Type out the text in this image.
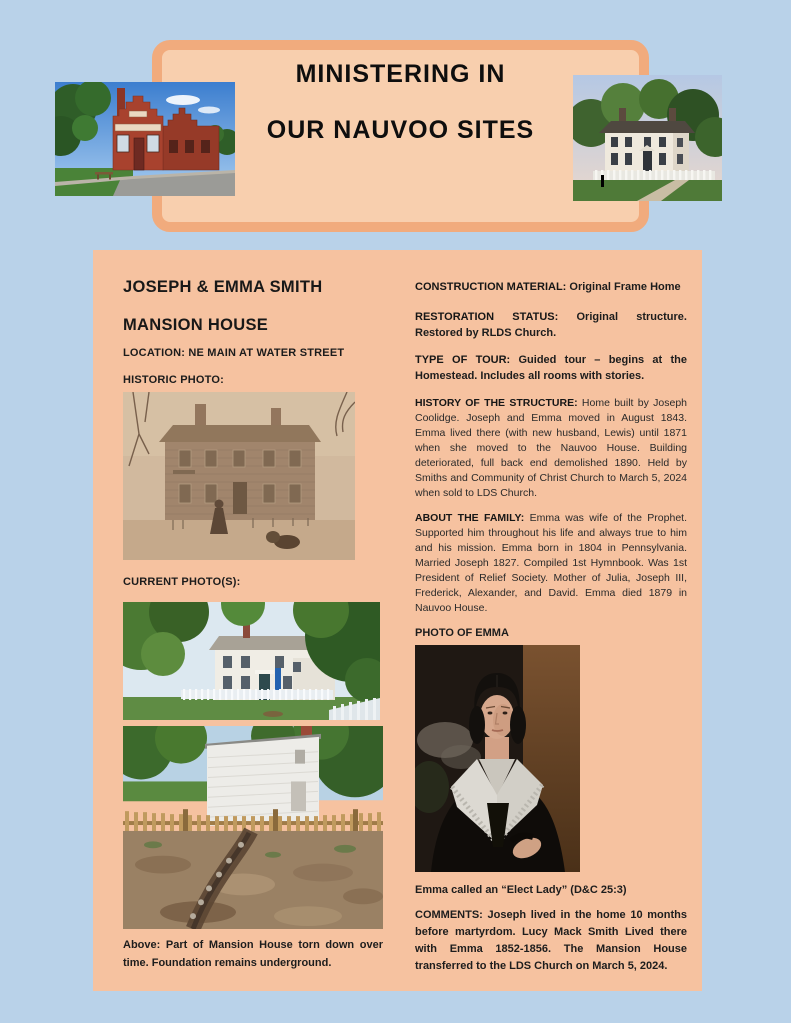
MINISTERING IN
OUR NAUVOO SITES
JOSEPH & EMMA SMITH
MANSION HOUSE
LOCATION: NE MAIN AT WATER STREET
HISTORIC PHOTO:
CURRENT PHOTO(S):
Above: Part of Mansion House torn down over time. Foundation remains underground.

CONSTRUCTION MATERIAL: Original Frame Home

RESTORATION STATUS: Original structure. Restored by RLDS Church.

TYPE OF TOUR: Guided tour – begins at the Homestead. Includes all rooms with stories.

HISTORY OF THE STRUCTURE: Home built by Joseph Coolidge. Joseph and Emma moved in August 1843. Emma lived there (with new husband, Lewis) until 1871 when she moved to the Nauvoo House. Building deteriorated, full back end demolished 1890. Held by Smiths and Community of Christ Church to March 5, 2024 when sold to LDS Church.

ABOUT THE FAMILY: Emma was wife of the Prophet. Supported him throughout his life and always true to him and his mission. Emma born in 1804 in Pennsylvania. Married Joseph 1827. Compiled 1st Hymnbook. Was 1st President of Relief Society. Mother of Julia, Joseph III, Frederick, Alexander, and David. Emma died 1879 in Nauvoo House.

PHOTO OF EMMA
Emma called an “Elect Lady” (D&C 25:3)

COMMENTS: Joseph lived in the home 10 months before martyrdom. Lucy Mack Smith Lived there with Emma 1852-1856. The Mansion House transferred to the LDS Church on March 5, 2024.
